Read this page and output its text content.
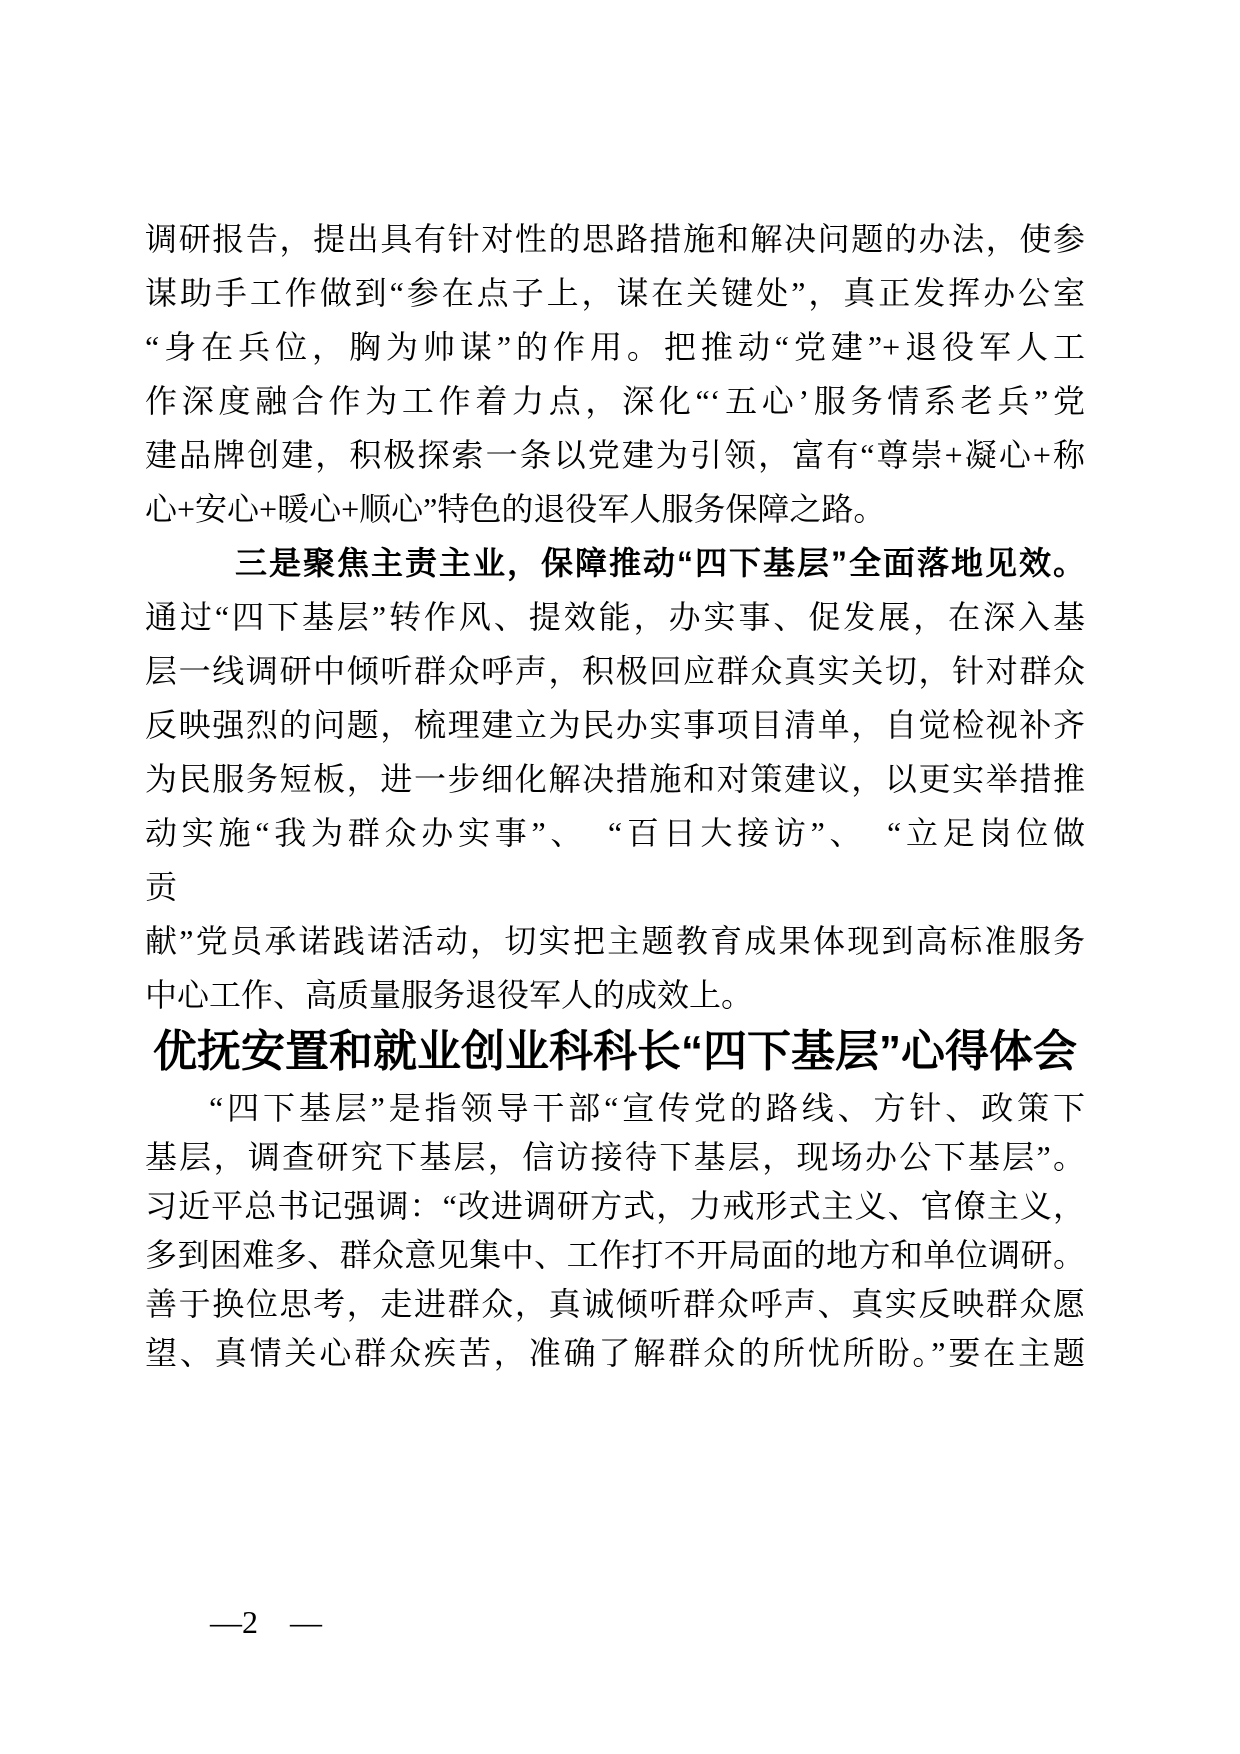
调研报告，提出具有针对性的思路措施和解决问题的办法，使参
谋助手工作做到“参在点子上，谋在关键处”，真正发挥办公室
“身在兵位，胸为帅谋”的作用。把推动“党建”+退役军人工
作深度融合作为工作着力点，深化“‘五心’服务情系老兵”党
建品牌创建，积极探索一条以党建为引领，富有“尊崇+凝心+称
心+安心+暖心+顺心”特色的退役军人服务保障之路。
三是聚焦主责主业，保障推动“四下基层”全面落地见效。
通过“四下基层”转作风、提效能，办实事、促发展，在深入基
层一线调研中倾听群众呼声，积极回应群众真实关切，针对群众
反映强烈的问题，梳理建立为民办实事项目清单，自觉检视补齐
为民服务短板，进一步细化解决措施和对策建议，以更实举措推
动实施“我为群众办实事”、　“百日大接访”、　“立足岗位做
贡
献”党员承诺践诺活动，切实把主题教育成果体现到高标准服务
中心工作、高质量服务退役军人的成效上。
优抚安置和就业创业科科长“四下基层”心得体会
“四下基层”是指领导干部“宣传党的路线、方针、政策下
基层，调查研究下基层，信访接待下基层，现场办公下基层”。
习近平总书记强调：“改进调研方式，力戒形式主义、官僚主义，
多到困难多、群众意见集中、工作打不开局面的地方和单位调研。
善于换位思考，走进群众，真诚倾听群众呼声、真实反映群众愿
望、真情关心群众疾苦，准确了解群众的所忧所盼。”要在主题
—2　—
